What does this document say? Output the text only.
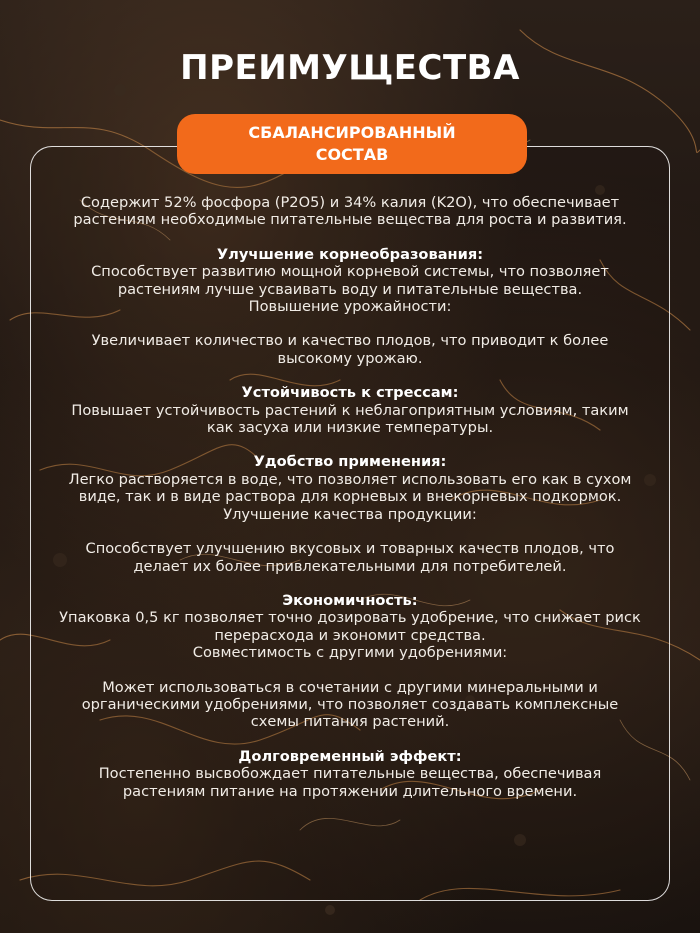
ПРЕИМУЩЕСТВА
СБАЛАНСИРОВАННЫЙ СОСТАВ

Содержит 52% фосфора (P2O5) и 34% калия (K2O), что обеспечивает растениям необходимые питательные вещества для роста и развития.

Улучшение корнеобразования:

Способствует развитию мощной корневой системы, что позволяет растениям лучше усваивать воду и питательные вещества.

Повышение урожайности:

Увеличивает количество и качество плодов, что приводит к более высокому урожаю.

Устойчивость к стрессам:

Повышает устойчивость растений к неблагоприятным условиям, таким как засуха или низкие температуры.

Удобство применения:

Легко растворяется в воде, что позволяет использовать его как в сухом виде, так и в виде раствора для корневых и внекорневых подкормок.

Улучшение качества продукции:

Способствует улучшению вкусовых и товарных качеств плодов, что делает их более привлекательными для потребителей.

Экономичность:

Упаковка 0,5 кг позволяет точно дозировать удобрение, что снижает риск перерасхода и экономит средства.

Совместимость с другими удобрениями:

Может использоваться в сочетании с другими минеральными и органическими удобрениями, что позволяет создавать комплексные схемы питания растений.

Долговременный эффект:

Постепенно высвобождает питательные вещества, обеспечивая растениям питание на протяжении длительного времени.
